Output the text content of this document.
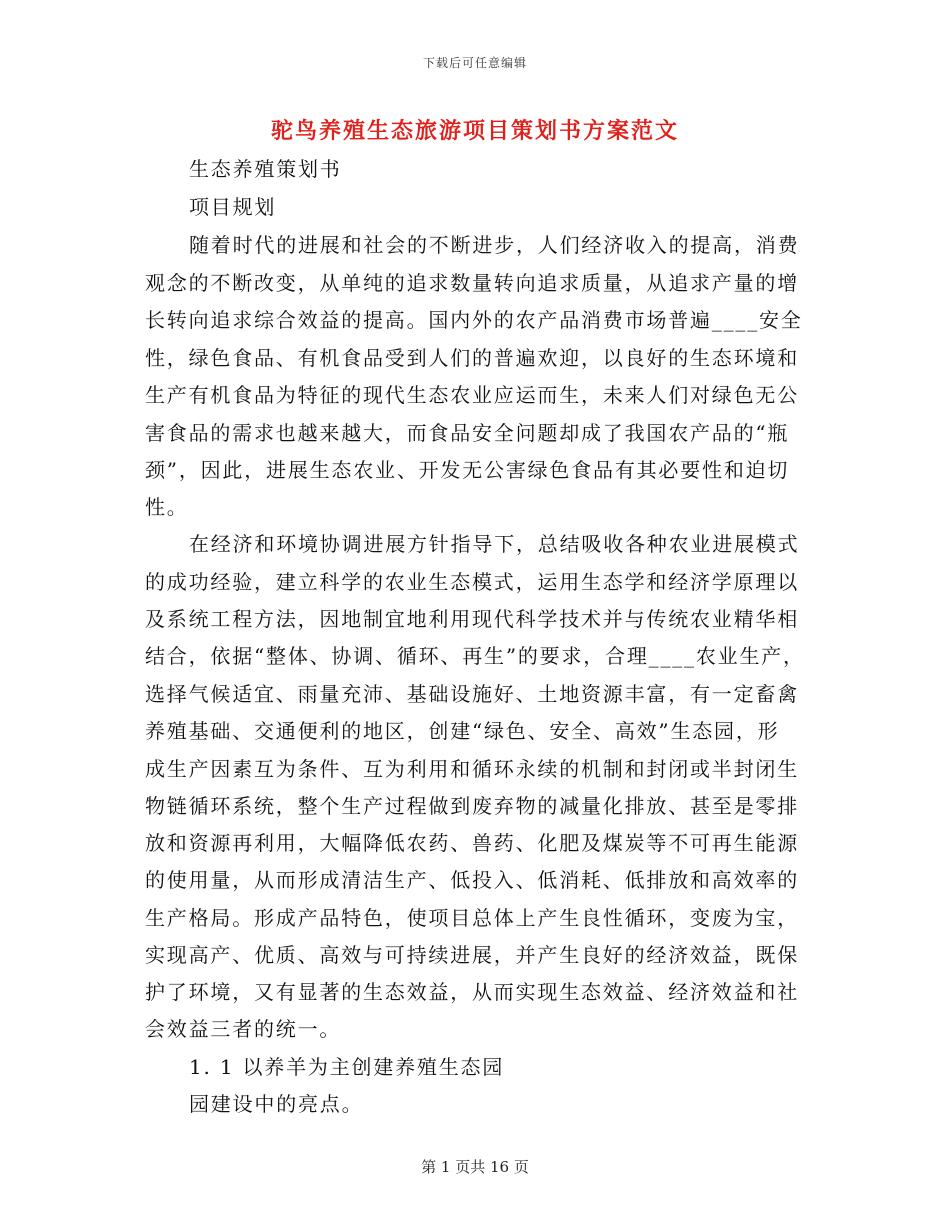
下载后可任意编辑
驼鸟养殖生态旅游项目策划书方案范文
生态养殖策划书
项目规划
随着时代的进展和社会的不断进步，人们经济收入的提高，消费
观念的不断改变，从单纯的追求数量转向追求质量，从追求产量的增
长转向追求综合效益的提高。国内外的农产品消费市场普遍____安全
性，绿色食品、有机食品受到人们的普遍欢迎，以良好的生态环境和
生产有机食品为特征的现代生态农业应运而生，未来人们对绿色无公
害食品的需求也越来越大，而食品安全问题却成了我国农产品的“瓶
颈”，因此，进展生态农业、开发无公害绿色食品有其必要性和迫切
性。
在经济和环境协调进展方针指导下，总结吸收各种农业进展模式
的成功经验，建立科学的农业生态模式，运用生态学和经济学原理以
及系统工程方法，因地制宜地利用现代科学技术并与传统农业精华相
结合，依据“整体、协调、循环、再生”的要求，合理____农业生产，
选择气候适宜、雨量充沛、基础设施好、土地资源丰富，有一定畜禽
养殖基础、交通便利的地区，创建“绿色、安全、高效”生态园，形
成生产因素互为条件、互为利用和循环永续的机制和封闭或半封闭生
物链循环系统，整个生产过程做到废弃物的减量化排放、甚至是零排
放和资源再利用，大幅降低农药、兽药、化肥及煤炭等不可再生能源
的使用量，从而形成清洁生产、低投入、低消耗、低排放和高效率的
生产格局。形成产品特色，使项目总体上产生良性循环，变废为宝，
实现高产、优质、高效与可持续进展，并产生良好的经济效益，既保
护了环境，又有显著的生态效益，从而实现生态效益、经济效益和社
会效益三者的统一。
1. 1 以养羊为主创建养殖生态园
园建设中的亮点。
第 1 页共 16 页
